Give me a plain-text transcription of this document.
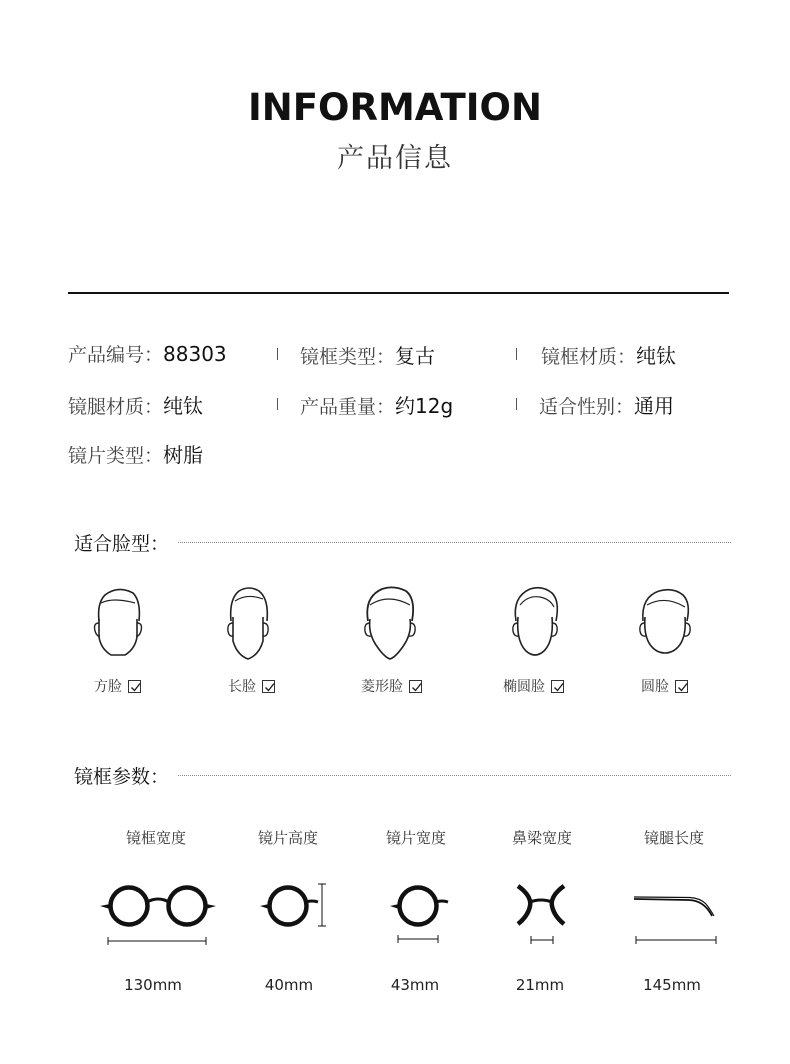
INFORMATION
产品信息
产品编号：88303	镜框类型：复古	镜框材质：纯钛
镜腿材质：纯钛	产品重量：约12g	适合性别：通用
镜片类型：树脂
适合脸型：
方脸	长脸	菱形脸	椭圆脸	圆脸
镜框参数：
镜框宽度	镜片高度	镜片宽度	鼻梁宽度	镜腿长度
130mm	40mm	43mm	21mm	145mm
